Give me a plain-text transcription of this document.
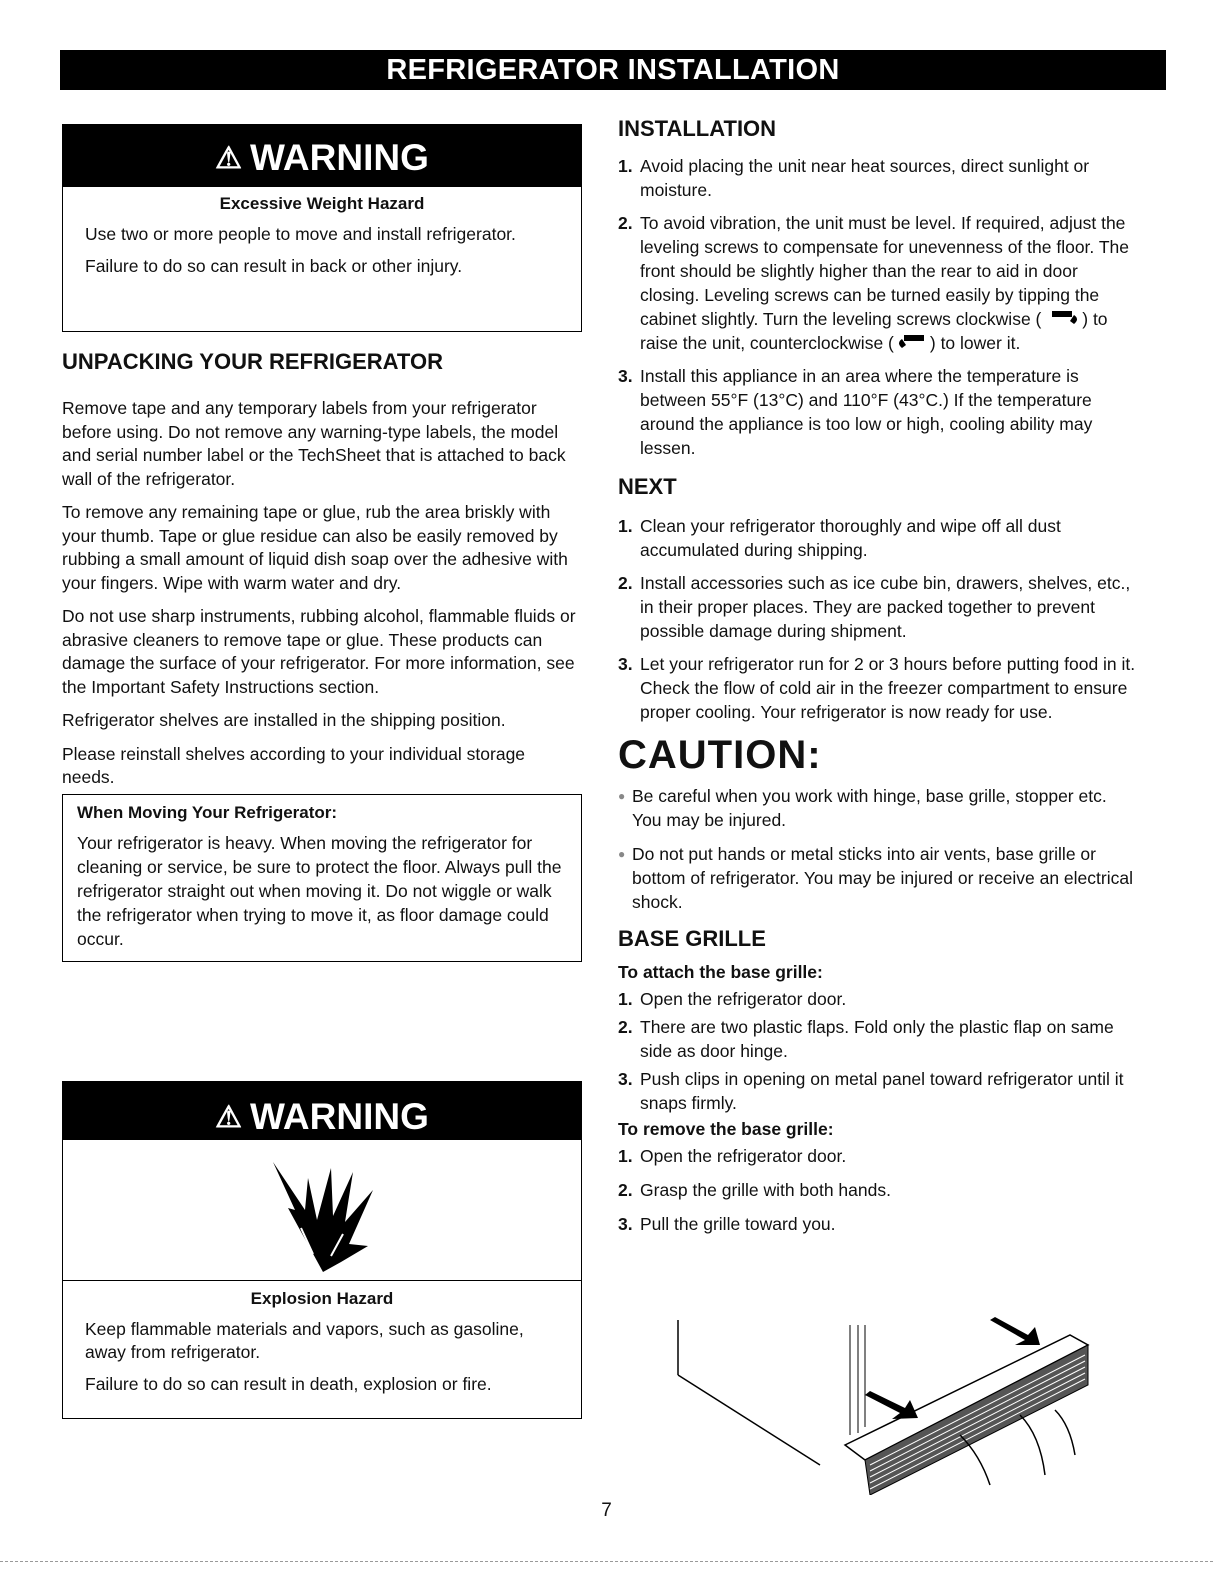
REFRIGERATOR INSTALLATION
⚠ WARNING
Excessive Weight Hazard

Use two or more people to move and install refrigerator.

Failure to do so can result in back or other injury.

UNPACKING YOUR REFRIGERATOR

Remove tape and any temporary labels from your refrigerator before using. Do not remove any warning-type labels, the model and serial number label or the TechSheet that is attached to back wall of the refrigerator.

To remove any remaining tape or glue, rub the area briskly with your thumb. Tape or glue residue can also be easily removed by rubbing a small amount of liquid dish soap over the adhesive with your fingers. Wipe with warm water and dry.

Do not use sharp instruments, rubbing alcohol, flammable fluids or abrasive cleaners to remove tape or glue. These products can damage the surface of your refrigerator. For more information, see the Important Safety Instructions section.

Refrigerator shelves are installed in the shipping position.

Please reinstall shelves according to your individual storage needs.

When Moving Your Refrigerator:

Your refrigerator is heavy. When moving the refrigerator for cleaning or service, be sure to protect the floor. Always pull the refrigerator straight out when moving it. Do not wiggle or walk the refrigerator when trying to move it, as floor damage could occur.

⚠ WARNING
Explosion Hazard

Keep flammable materials and vapors, such as gasoline, away from refrigerator.

Failure to do so can result in death, explosion or fire.

INSTALLATION
1. Avoid placing the unit near heat sources, direct sunlight or moisture.
2. To avoid vibration, the unit must be level. If required, adjust the leveling screws to compensate for unevenness of the floor. The front should be slightly higher than the rear to aid in door closing. Leveling screws can be turned easily by tipping the cabinet slightly. Turn the leveling screws clockwise ( ) to raise the unit, counterclockwise ( ) to lower it.
3. Install this appliance in an area where the temperature is between 55°F (13°C) and 110°F (43°C.) If the temperature around the appliance is too low or high, cooling ability may lessen.
NEXT
1. Clean your refrigerator thoroughly and wipe off all dust accumulated during shipping.
2. Install accessories such as ice cube bin, drawers, shelves, etc., in their proper places. They are packed together to prevent possible damage during shipment.
3. Let your refrigerator run for 2 or 3 hours before putting food in it. Check the flow of cold air in the freezer compartment to ensure proper cooling. Your refrigerator is now ready for use.
CAUTION:
● Be careful when you work with hinge, base grille, stopper etc. You may be injured.
● Do not put hands or metal sticks into air vents, base grille or bottom of refrigerator. You may be injured or receive an electrical shock.
BASE GRILLE
To attach the base grille:
1. Open the refrigerator door.
2. There are two plastic flaps. Fold only the plastic flap on same side as door hinge.
3. Push clips in opening on metal panel toward refrigerator until it snaps firmly.
To remove the base grille:
1. Open the refrigerator door.
2. Grasp the grille with both hands.
3. Pull the grille toward you.
7
